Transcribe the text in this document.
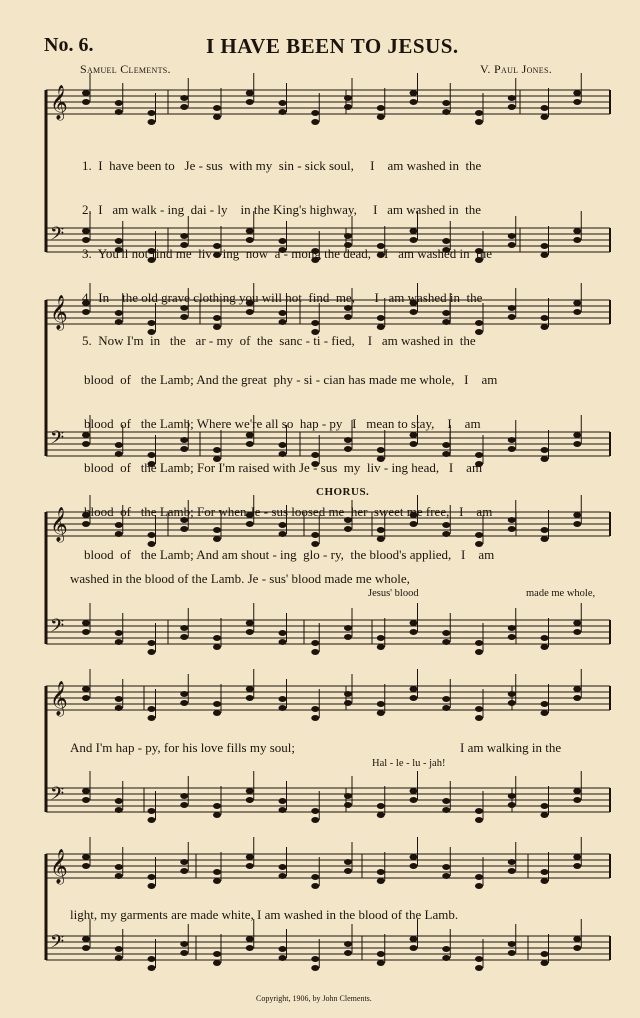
No. 6.	I HAVE BEEN TO JESUS.
Samuel Clements.	V. Paul Jones.
𝄞
𝄢
𝄞
𝄢
𝄞
𝄢
𝄞
𝄢
𝄞
𝄢

1.  I  have been to   Je - sus  with my  sin - sick soul,     I    am washed in  the

2.  I   am walk - ing  dai - ly    in the King's highway,     I   am washed in  the

3.  You'll not find me  liv - ing  now  a - mong the dead,    I   am washed in  the

4.  In    the old grave clothing you will not  find  me,      I   am washed in  the

5.  Now I'm  in   the   ar - my  of  the  sanc - ti - fied,    I   am washed in  the

blood  of   the Lamb; And the great  phy - si - cian has made me whole,   I    am

blood  of   the Lamb; Where we're all so  hap - py   I   mean to stay,    I    am

blood  of   the Lamb; For I'm raised with Je - sus  my  liv - ing head,   I    am

blood  of   the Lamb; For when Je - sus loosed me  her  sweet me free,   I    am

blood  of   the Lamb; And am shout - ing  glo - ry,  the blood's applied,   I    am

CHORUS.
washed in the blood of the Lamb. Je - sus' blood made me whole,
Jesus' blood	made me whole,
And I'm hap - py, for his love fills my soul;	I am walking in the
Hal - le - lu - jah!
light, my garments are made white, I am washed in the blood of the Lamb.
Copyright, 1906, by John Clements.
